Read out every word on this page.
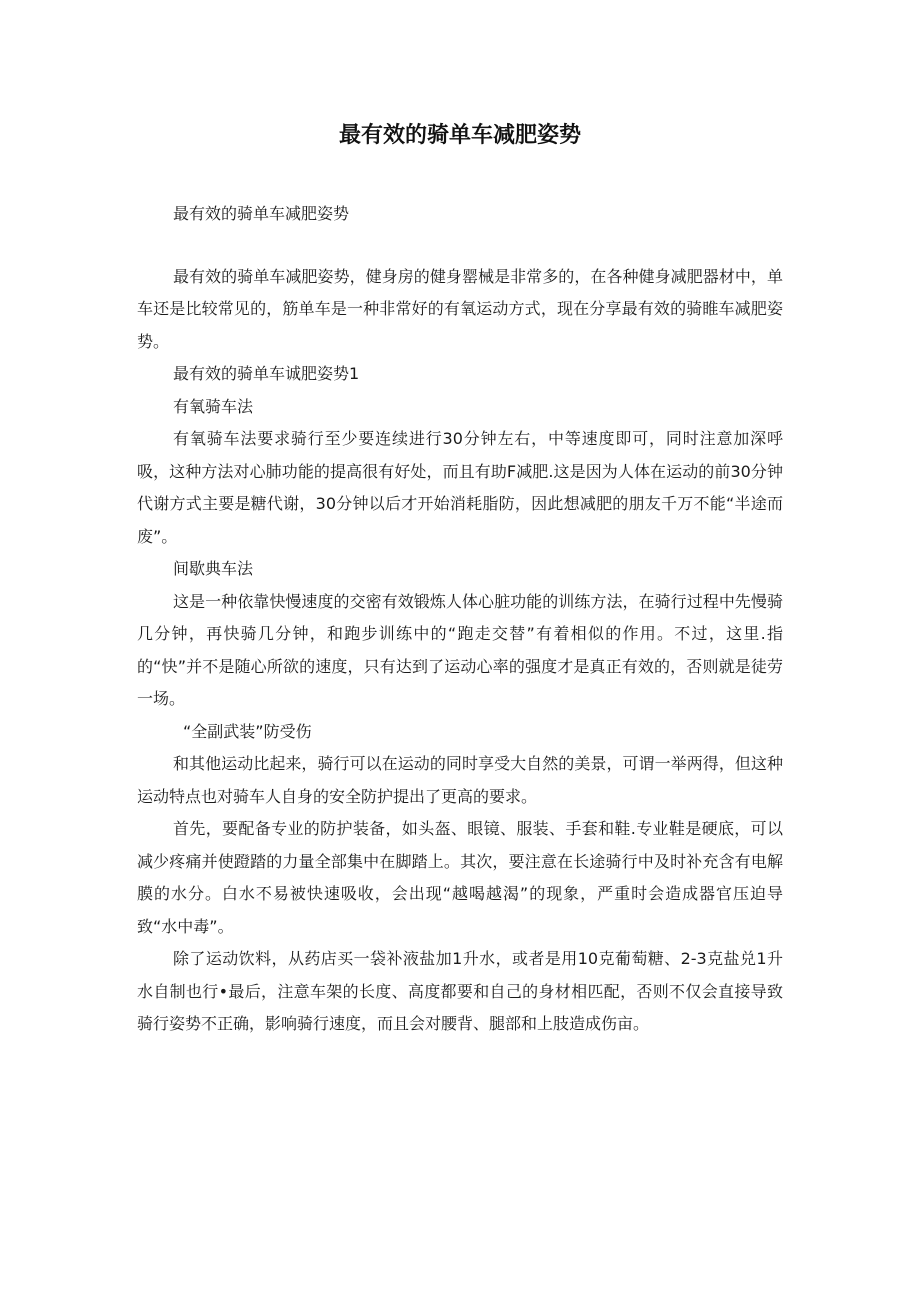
最有效的骑单车减肥姿势

最有效的骑单车减肥姿势

最有效的骑单车减肥姿势，健身房的健身罂械是非常多的，在各种健身减肥器材中，单车还是比较常见的，筋单车是一种非常好的有氧运动方式，现在分享最有效的骑睢车减肥姿势。

最有效的骑单车诚肥姿势1

有氧骑车法

有氧骑车法要求骑行至少要连续进行30分钟左右，中等速度即可，同时注意加深呼吸，这种方法对心肺功能的提高很有好处，而且有助F减肥.这是因为人体在运动的前30分钟代谢方式主要是糖代谢，30分钟以后才开始消耗脂防，因此想减肥的朋友千万不能“半途而废”。

间歇典车法

这是一种依靠快慢速度的交密有效锻炼人体心脏功能的训练方法，在骑行过程中先慢骑几分钟，再快骑几分钟，和跑步训练中的“跑走交替”有着相似的作用。不过，这里.指的“快”并不是随心所欲的速度，只有达到了运动心率的强度才是真正有效的，否则就是徒劳一场。

“全副武装”防受伤

和其他运动比起来，骑行可以在运动的同时享受大自然的美景，可谓一举两得，但这种运动特点也对骑车人自身的安全防护提出了更高的要求。

首先，要配备专业的防护装备，如头盔、眼镜、服装、手套和鞋.专业鞋是硬底，可以减少疼痛并使蹬踏的力量全部集中在脚踏上。其次，要注意在长途骑行中及时补充含有电解膜的水分。白水不易被快速吸收，会出现“越喝越渴”的现象，严重时会造成器官压迫导致“水中毒”。

除了运动饮料，从药店买一袋补液盐加1升水，或者是用10克葡萄糖、2-3克盐兑1升水自制也行•最后，注意车架的长度、高度都要和自己的身材相匹配，否则不仅会直接导致骑行姿势不正确，影响骑行速度，而且会对腰背、腿部和上肢造成伤亩。
